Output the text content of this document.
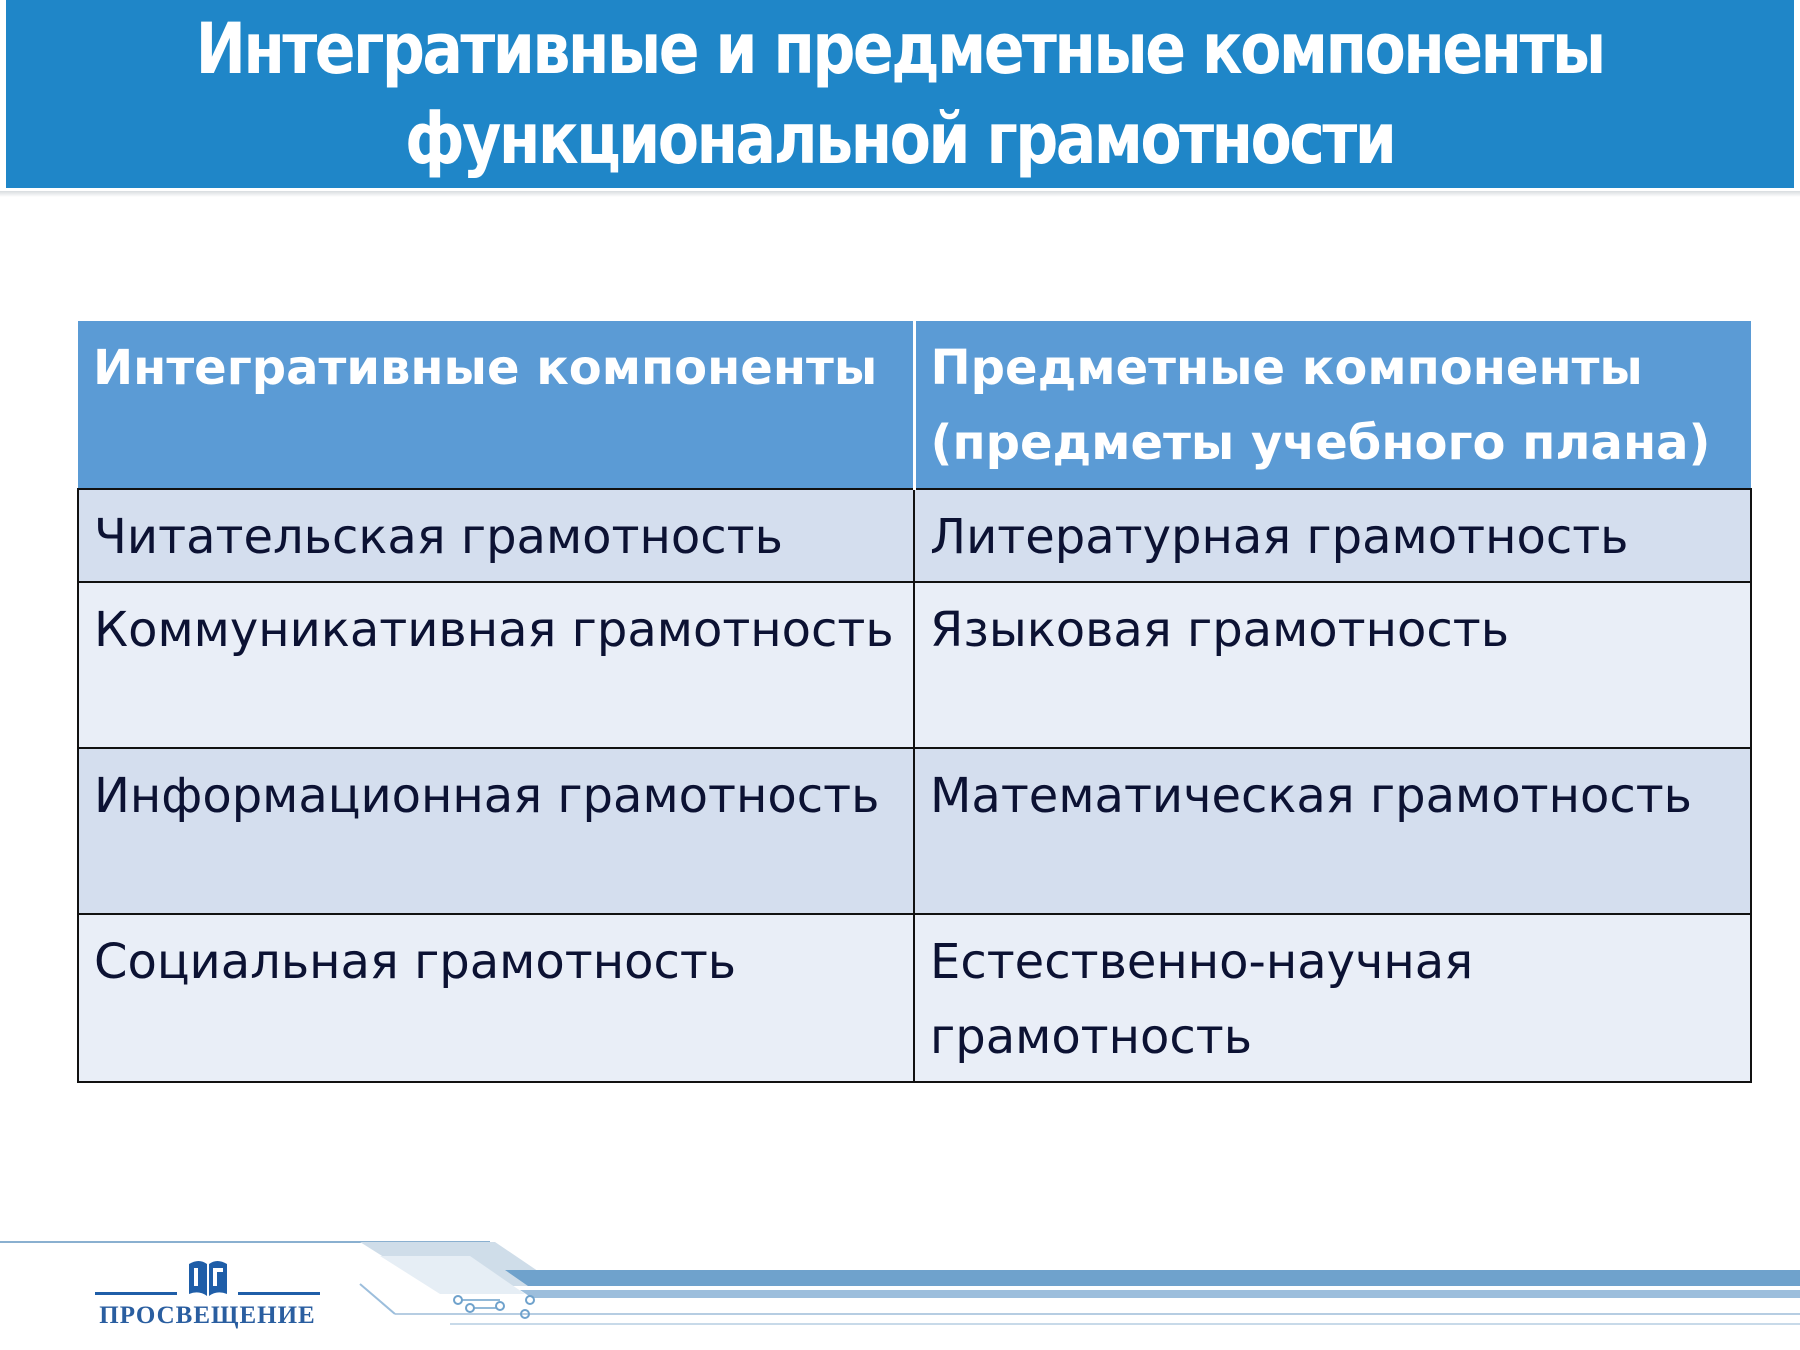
Интегративные и предметные компоненты
функциональной грамотности
Интегративные компоненты	Предметные компоненты (предметы учебного плана)
Читательская грамотность	Литературная грамотность
Коммуникативная грамотность	Языковая грамотность
Информационная грамотность	Математическая грамотность
Социальная грамотность	Естественно-научная грамотность
ПРОСВЕЩЕНИЕ
